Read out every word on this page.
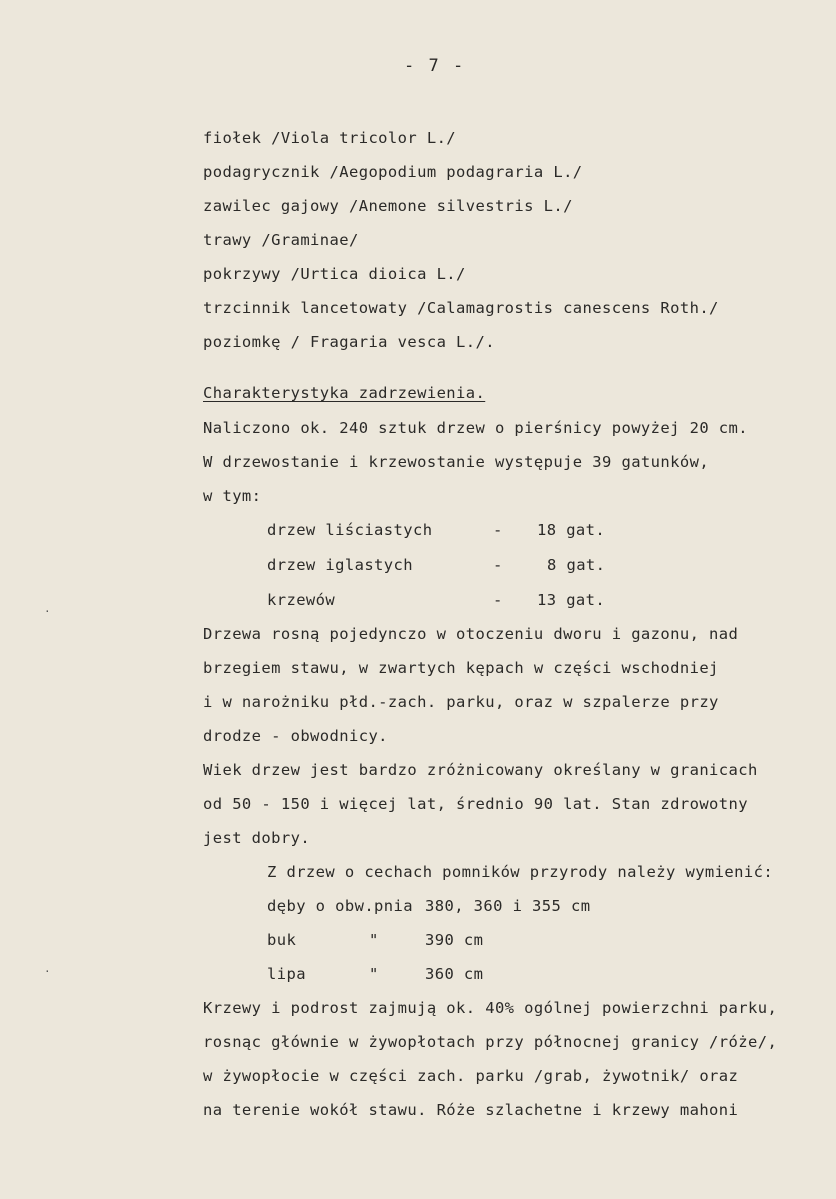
- 7 -
fiołek /Viola tricolor L./
podagrycznik /Aegopodium podagraria L./
zawilec gajowy /Anemone silvestris L./
trawy /Graminae/
pokrzywy /Urtica dioica L./
trzcinnik lancetowaty /Calamagrostis canescens Roth./
poziomkę / Fragaria vesca L./.
Charakterystyka zadrzewienia.
Naliczono ok. 240 sztuk drzew o pierśnicy powyżej 20 cm.
W drzewostanie i krzewostanie występuje 39 gatunków,
w tym:
drzew liściastych	- 18 gat.
drzew iglastych	-	8 gat.
krzewów	- 13 gat.
Drzewa rosną pojedynczo w otoczeniu dworu i gazonu, nad
brzegiem stawu, w zwartych kępach w części wschodniej
i w narożniku płd.-zach. parku, oraz w szpalerze przy
drodze - obwodnicy.
Wiek drzew jest bardzo zróżnicowany określany w granicach
od 50 - 150 i więcej lat, średnio 90 lat. Stan zdrowotny
jest dobry.
Z drzew o cechach pomników przyrody należy wymienić:
dęby o obw.pnia 380, 360 i 355 cm
buk	"	390 cm
lipa	"	360 cm
Krzewy i podrost zajmują ok. 40% ogólnej powierzchni parku,
rosnąc głównie w żywopłotach przy północnej granicy /róże/,
w żywopłocie w części zach. parku /grab, żywotnik/ oraz
na terenie wokół stawu. Róże szlachetne i krzewy mahoni
·
·
